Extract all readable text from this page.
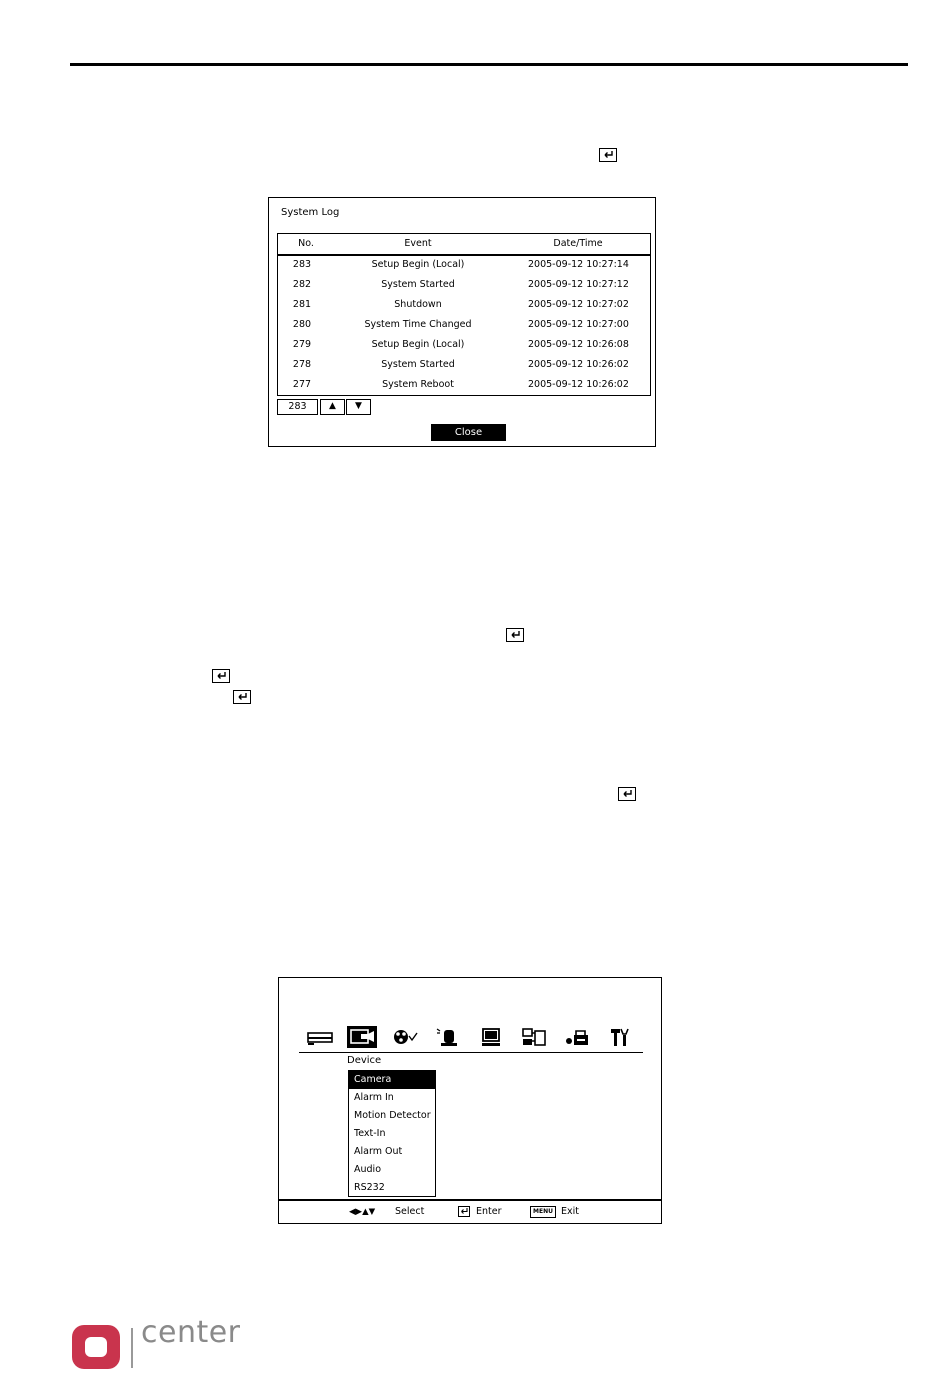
System Log
No.	Event	Date/Time
283	Setup Begin (Local)	2005-09-12 10:27:14
282	System Started	2005-09-12 10:27:12
281	Shutdown	2005-09-12 10:27:02
280	System Time Changed	2005-09-12 10:27:00
279	Setup Begin (Local)	2005-09-12 10:26:08
278	System Started	2005-09-12 10:26:02
277	System Reboot	2005-09-12 10:26:02
283	▲	▼
Close
Device
Camera
Alarm In
Motion Detector
Text-In
Alarm Out
Audio
RS232
◀▶▲▼ Select	Enter	MENU Exit
center
